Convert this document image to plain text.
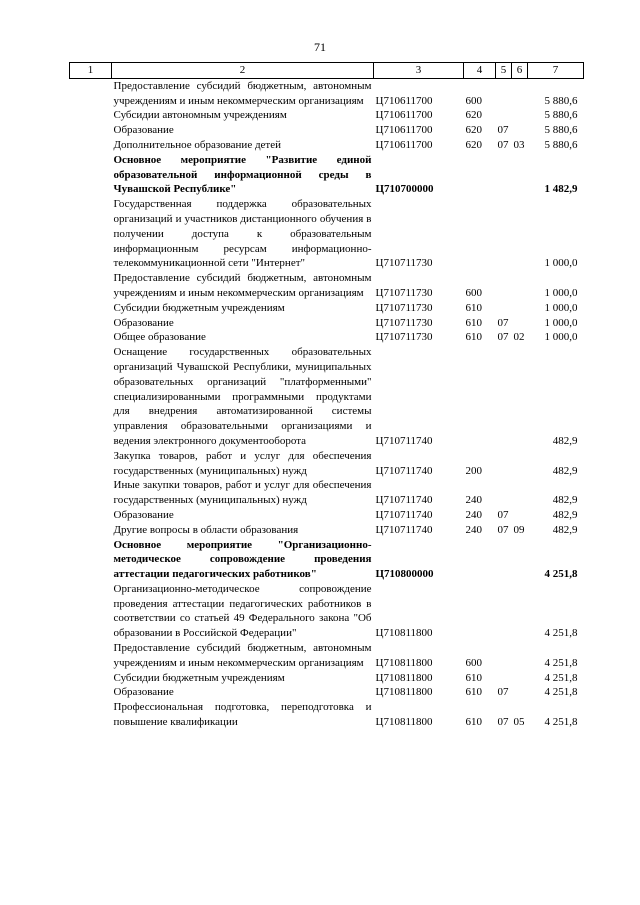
71
1	2	3	4	5	6	7
	Предоставление субсидий бюджетным, автономным учреждениям и иным некоммерческим организациям	Ц710611700	600			5 880,6
	Субсидии автономным учреждениям	Ц710611700	620			5 880,6
	Образование	Ц710611700	620	07		5 880,6
	Дополнительное образование детей	Ц710611700	620	07	03	5 880,6
	Основное мероприятие "Развитие единой образовательной информационной среды в Чувашской Республике"	Ц710700000				1 482,9
	Государственная поддержка образовательных организаций и участников дистанционного обучения в получении доступа к образовательным информационным ресурсам информационно-телекоммуникационной сети "Интернет"	Ц710711730				1 000,0
	Предоставление субсидий бюджетным, автономным учреждениям и иным некоммерческим организациям	Ц710711730	600			1 000,0
	Субсидии бюджетным учреждениям	Ц710711730	610			1 000,0
	Образование	Ц710711730	610	07		1 000,0
	Общее образование	Ц710711730	610	07	02	1 000,0
	Оснащение государственных образовательных организаций Чувашской Республики, муниципальных образовательных организаций "платформенными" специализированными программными продуктами для внедрения автоматизированной системы управления образовательными организациями и ведения электронного документооборота	Ц710711740				482,9
	Закупка товаров, работ и услуг для обеспечения государственных (муниципальных) нужд	Ц710711740	200			482,9
	Иные закупки товаров, работ и услуг для обеспечения государственных (муниципальных) нужд	Ц710711740	240			482,9
	Образование	Ц710711740	240	07		482,9
	Другие вопросы в области образования	Ц710711740	240	07	09	482,9
	Основное мероприятие "Организационно-методическое сопровождение проведения аттестации педагогических работников"	Ц710800000				4 251,8
	Организационно-методическое сопровождение проведения аттестации педагогических работников в соответствии со статьей 49 Федерального закона "Об образовании в Российской Федерации"	Ц710811800				4 251,8
	Предоставление субсидий бюджетным, автономным учреждениям и иным некоммерческим организациям	Ц710811800	600			4 251,8
	Субсидии бюджетным учреждениям	Ц710811800	610			4 251,8
	Образование	Ц710811800	610	07		4 251,8
	Профессиональная подготовка, переподготовка и повышение квалификации	Ц710811800	610	07	05	4 251,8
